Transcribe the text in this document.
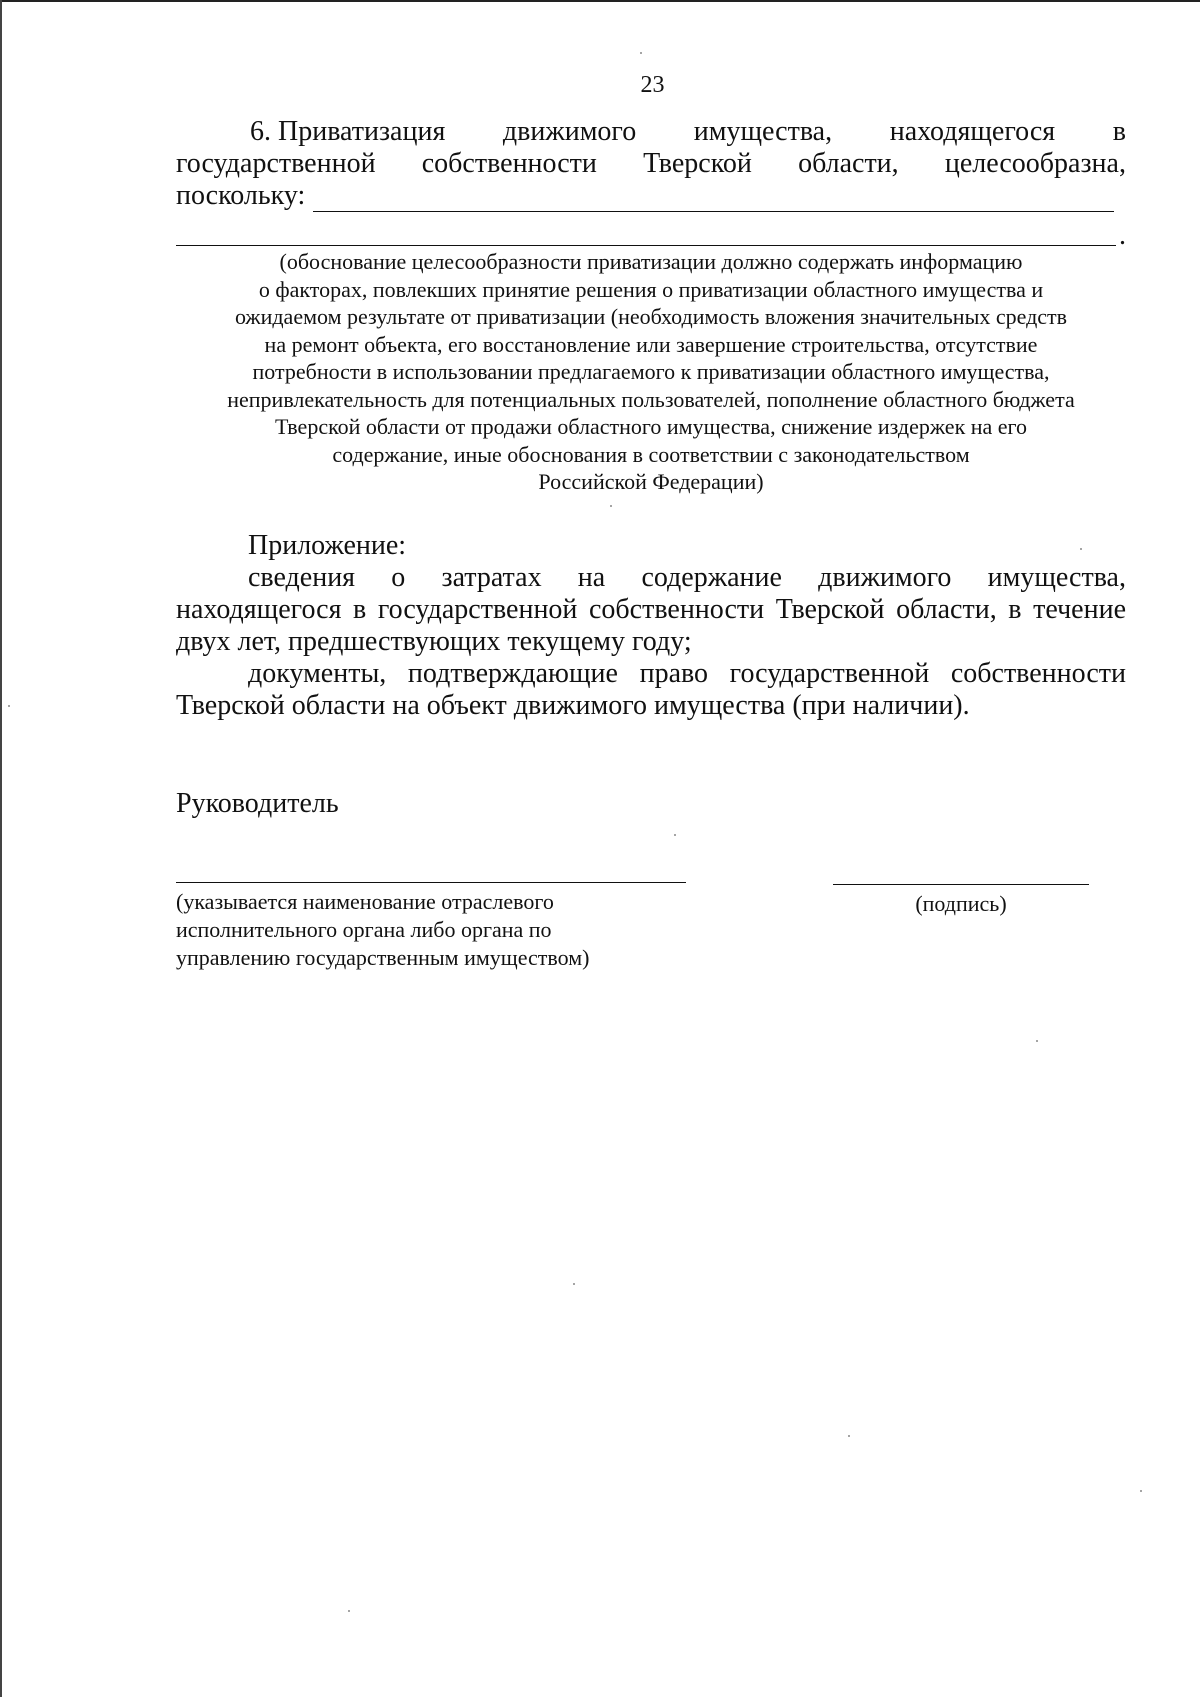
23
6. Приватизация движимого имущества, находящегося в
государственной собственности Тверской области, целесообразна,
поскольку:
.
(обоснование целесообразности приватизации должно содержать информацию
о факторах, повлекших принятие решения о приватизации областного имущества и
ожидаемом результате от приватизации (необходимость вложения значительных средств
на ремонт объекта, его восстановление или завершение строительства, отсутствие
потребности в использовании предлагаемого к приватизации областного имущества,
непривлекательность для потенциальных пользователей, пополнение областного бюджета
Тверской области от продажи областного имущества, снижение издержек на его
содержание, иные обоснования в соответствии с законодательством
Российской Федерации)

Приложение:

сведения о затратах на содержание движимого имущества,

находящегося в государственной собственности Тверской области, в течение двух лет, предшествующих текущему году;

документы, подтверждающие право государственной собственности

Тверской области на объект движимого имущества (при наличии).

Руководитель
(указывается наименование отраслевого
исполнительного органа либо органа по
управлению государственным имуществом)
(подпись)
